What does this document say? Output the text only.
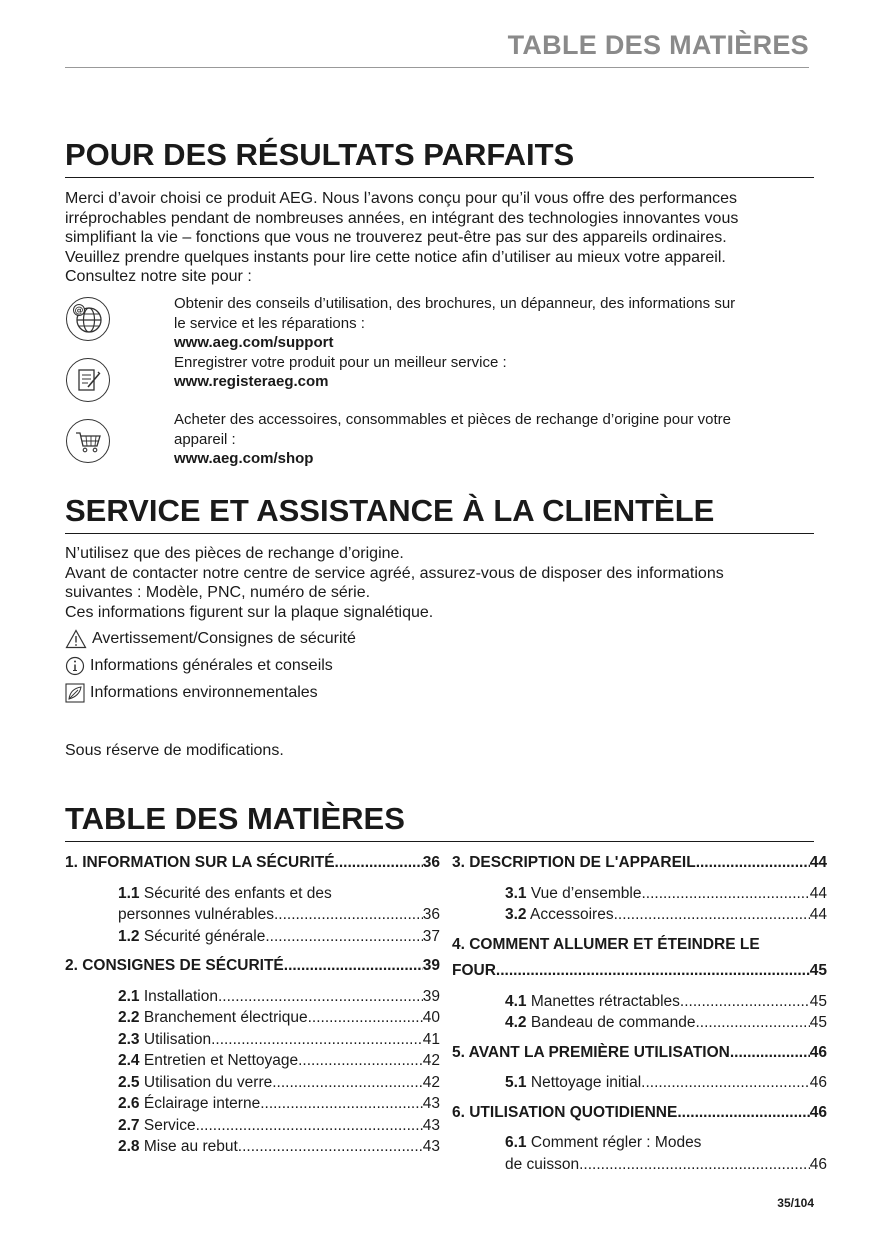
TABLE DES MATIÈRES
POUR DES RÉSULTATS PARFAITS

Merci d’avoir choisi ce produit AEG. Nous l’avons conçu pour qu’il vous offre des performances

irréprochables pendant de nombreuses années, en intégrant des technologies innovantes vous

simplifiant la vie – fonctions que vous ne trouverez peut-être pas sur des appareils ordinaires.

Veuillez prendre quelques instants pour lire cette notice afin d’utiliser au mieux votre appareil.

Consultez notre site pour :

@	Obtenir des conseils d’utilisation, des brochures, un dépanneur, des informations sur

le service et les réparations :

www.aeg.com/support

Enregistrer votre produit pour un meilleur service :

www.registeraeg.com

Acheter des accessoires, consommables et pièces de rechange d’origine pour votre

appareil :

www.aeg.com/shop

SERVICE ET ASSISTANCE À LA CLIENTÈLE

N’utilisez que des pièces de rechange d’origine.

Avant de contacter notre centre de service agréé, assurez-vous de disposer des informations

suivantes : Modèle, PNC, numéro de série.

Ces informations figurent sur la plaque signalétique.

Avertissement/Consignes de sécurité
Informations générales et conseils
Informations environnementales
Sous réserve de modifications.
TABLE DES MATIÈRES
1. INFORMATION SUR LA SÉCURITÉ .....	36
1.1 Sécurité des enfants et des
personnes vulnérables .....	36
1.2 Sécurité générale .....	37
2. CONSIGNES DE SÉCURITÉ .....	39
2.1 Installation .....	39
2.2 Branchement électrique .....	40
2.3 Utilisation .....	41
2.4 Entretien et Nettoyage .....	42
2.5 Utilisation du verre .....	42
2.6 Éclairage interne .....	43
2.7 Service .....	43
2.8 Mise au rebut .....	43
3. DESCRIPTION DE L'APPAREIL .....	44
3.1 Vue d’ensemble .....	44
3.2 Accessoires .....	44
4. COMMENT ALLUMER ET ÉTEINDRE LE
FOUR .....	45
4.1 Manettes rétractables .....	45
4.2 Bandeau de commande .....	45
5. AVANT LA PREMIÈRE UTILISATION .....	46
5.1 Nettoyage initial .....	46
6. UTILISATION QUOTIDIENNE .....	46
6.1 Comment régler : Modes
de cuisson .....	46
35/104
